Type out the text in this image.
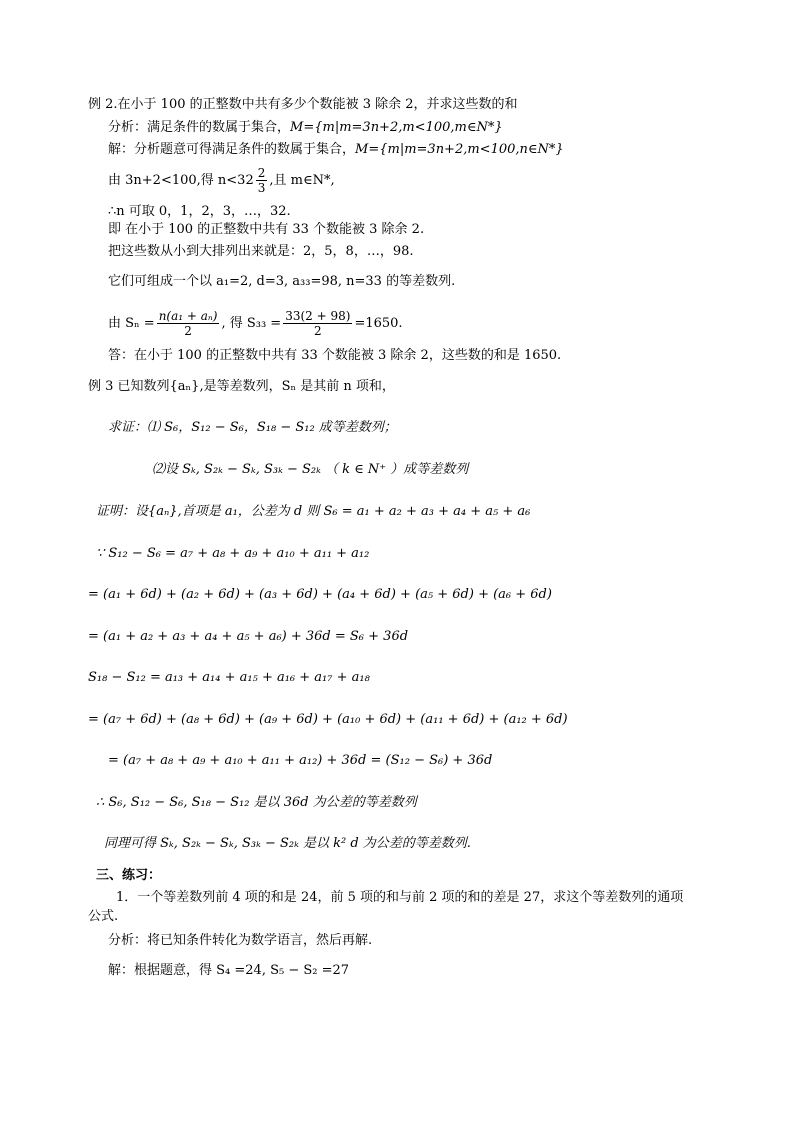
例 2.在小于 100 的正整数中共有多少个数能被 3 除余 2，并求这些数的和
分析：满足条件的数属于集合，M={m|m=3n+2,m<100,m∈N*}
解：分析题意可得满足条件的数属于集合，M={m|m=3n+2,m<100,n∈N*}
由 3n+2<100,得 $n<32 \frac{2}{3}$ ,且 m∈N*,
∴n 可取 0，1，2，3，…，32.
即 在小于 100 的正整数中共有 33 个数能被 3 除余 2.
把这些数从小到大排列出来就是：2，5，8，…，98.
它们可组成一个以 a₁=2, d=3, a₃₃=98, n=33 的等差数列.
由 $S_n = \frac{\text{n(a₁ + aₙ)}}{2}$ , 得 $S_{33} = \frac{33(2 + 98)}{2} =1650$.
答：在小于 100 的正整数中共有 33 个数能被 3 除余 2，这些数的和是 1650.
例 3 已知数列{aₙ},是等差数列，Sₙ 是其前 n 项和，
求证：⑴ S₆，S₁₂ − S₆，S₁₈ − S₁₂ 成等差数列；
⑵设 Sₖ, S₂ₖ − Sₖ, S₃ₖ − S₂ₖ （ k ∈ N⁺ ）成等差数列
证明：设{aₙ},首项是 a₁，公差为 d 则 S₆ = a₁ + a₂ + a₃ + a₄ + a₅ + a₆
∵ S₁₂ − S₆ = a₇ + a₈ + a₉ + a₁₀ + a₁₁ + a₁₂
= (a₁ + 6d) + (a₂ + 6d) + (a₃ + 6d) + (a₄ + 6d) + (a₅ + 6d) + (a₆ + 6d)
= (a₁ + a₂ + a₃ + a₄ + a₅ + a₆) + 36d = S₆ + 36d
S₁₈ − S₁₂ = a₁₃ + a₁₄ + a₁₅ + a₁₆ + a₁₇ + a₁₈
= (a₇ + 6d) + (a₈ + 6d) + (a₉ + 6d) + (a₁₀ + 6d) + (a₁₁ + 6d) + (a₁₂ + 6d)
= (a₇ + a₈ + a₉ + a₁₀ + a₁₁ + a₁₂) + 36d = (S₁₂ − S₆) + 36d
∴ S₆, S₁₂ − S₆, S₁₈ − S₁₂ 是以 36d 为公差的等差数列
同理可得 Sₖ, S₂ₖ − Sₖ, S₃ₖ − S₂ₖ 是以 k² d 为公差的等差数列.
三、练习：
1．一个等差数列前 4 项的和是 24，前 5 项的和与前 2 项的和的差是 27，求这个等差数列的通项
公式.
分析：将已知条件转化为数学语言，然后再解.
解：根据题意，得 S₄ =24, S₅ − S₂ =27
